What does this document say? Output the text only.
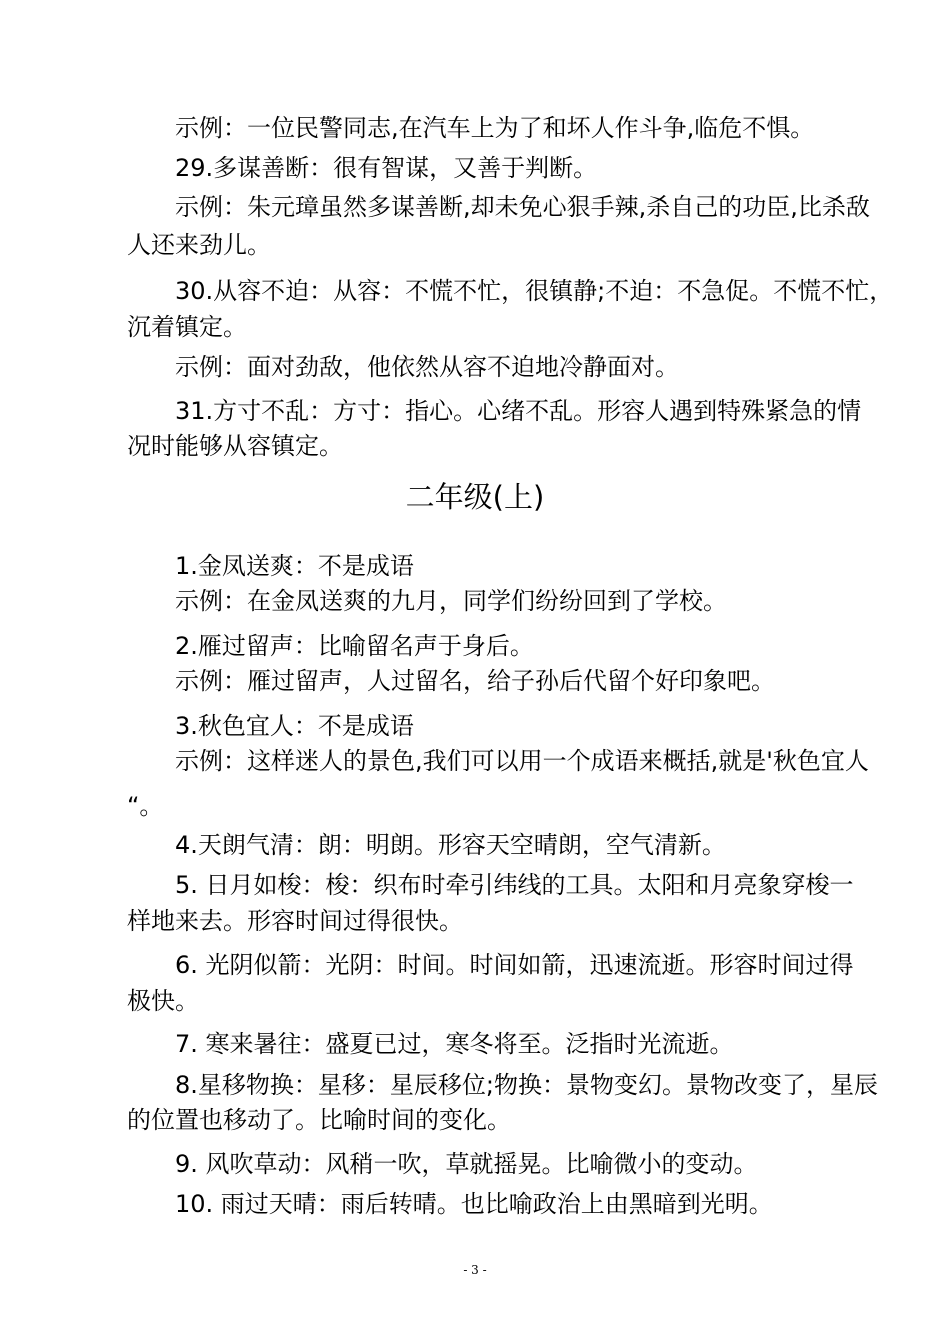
示例：一位民警同志,在汽车上为了和坏人作斗争,临危不惧。
29.多谋善断：很有智谋，又善于判断。
示例：朱元璋虽然多谋善断,却未免心狠手辣,杀自己的功臣,比杀敌
人还来劲儿。
30.从容不迫：从容：不慌不忙，很镇静;不迫：不急促。不慌不忙，
沉着镇定。
示例：面对劲敌，他依然从容不迫地冷静面对。
31.方寸不乱：方寸：指心。心绪不乱。形容人遇到特殊紧急的情
况时能够从容镇定。
二年级(上)
1.金凤送爽：不是成语
示例：在金凤送爽的九月，同学们纷纷回到了学校。
2.雁过留声：比喻留名声于身后。
示例：雁过留声，人过留名，给子孙后代留个好印象吧。
3.秋色宜人：不是成语
示例：这样迷人的景色,我们可以用一个成语来概括,就是'秋色宜人
“。
4.天朗气清：朗：明朗。形容天空晴朗，空气清新。
5. 日月如梭：梭：织布时牵引纬线的工具。太阳和月亮象穿梭一
样地来去。形容时间过得很快。
6. 光阴似箭：光阴：时间。时间如箭，迅速流逝。形容时间过得
极快。
7. 寒来暑往：盛夏已过，寒冬将至。泛指时光流逝。
8.星移物换：星移：星辰移位;物换：景物变幻。景物改变了，星辰
的位置也移动了。比喻时间的变化。
9. 风吹草动：风稍一吹，草就摇晃。比喻微小的变动。
10. 雨过天晴：雨后转晴。也比喻政治上由黑暗到光明。
- 3 -
